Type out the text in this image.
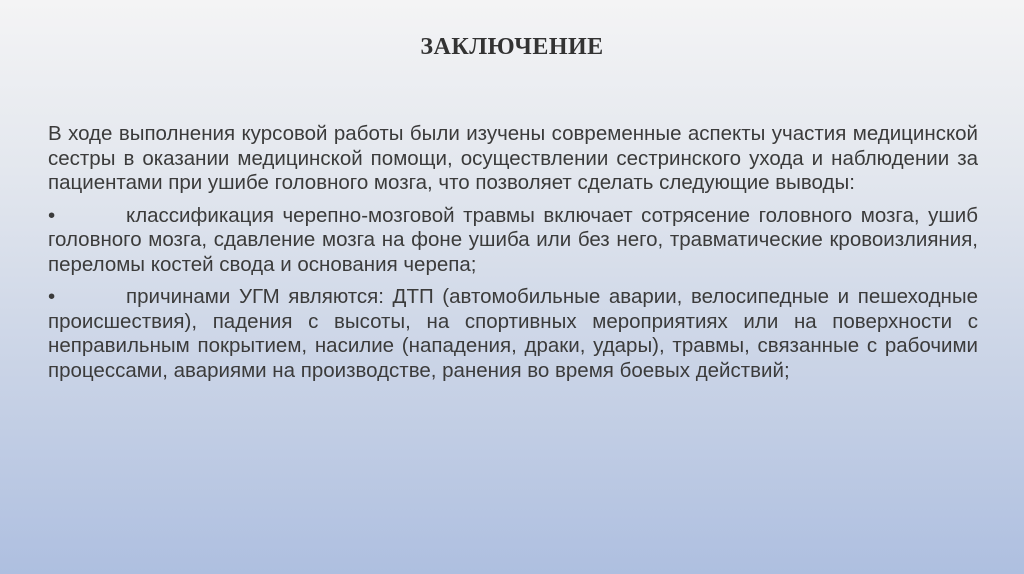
ЗАКЛЮЧЕНИЕ

В ходе выполнения курсовой работы были изучены современные аспекты участия медицинской сестры в оказании медицинской помощи, осуществлении сестринского ухода и наблюдении за пациентами при ушибе головного мозга, что позволяет сделать следующие выводы:

•	классификация черепно-мозговой травмы включает сотрясение головного мозга, ушиб головного мозга, сдавление мозга на фоне ушиба или без него, травматические кровоизлияния, переломы костей свода и основания черепа;

•	причинами УГМ являются: ДТП (автомобильные аварии, велосипедные и пешеходные происшествия), падения с высоты, на спортивных мероприятиях или на поверхности с неправильным покрытием, насилие (нападения, драки, удары), травмы, связанные с рабочими процессами, авариями на производстве, ранения во время боевых действий;
